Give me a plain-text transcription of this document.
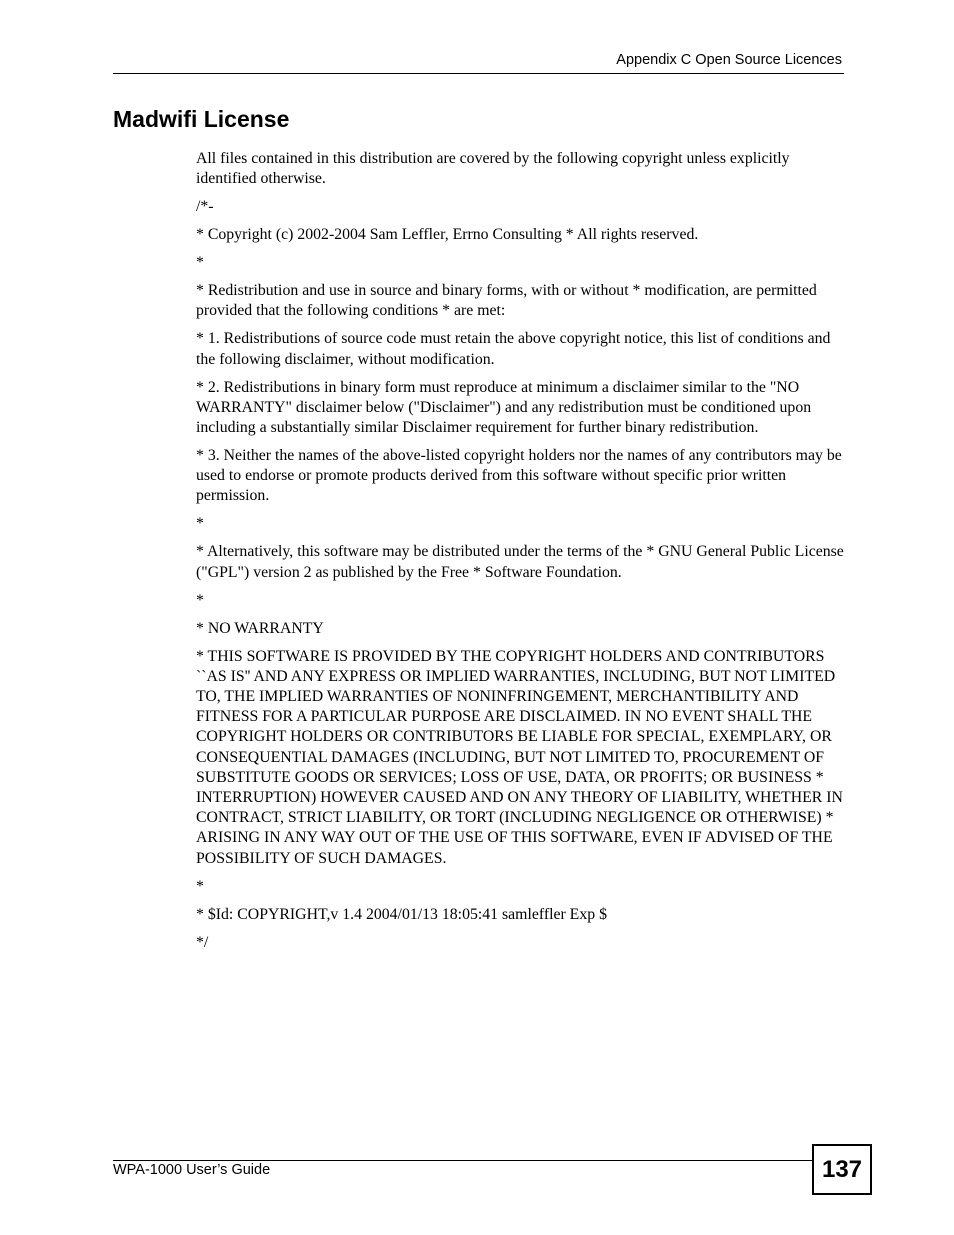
Appendix C Open Source Licences
Madwifi License

All files contained in this distribution are covered by the following copyright unless explicitly identified otherwise.

/*-

* Copyright (c) 2002-2004 Sam Leffler, Errno Consulting * All rights reserved.

*

* Redistribution and use in source and binary forms, with or without * modification, are permitted provided that the following conditions * are met:

* 1. Redistributions of source code must retain the above copyright notice, this list of conditions and the following disclaimer, without modification.

* 2. Redistributions in binary form must reproduce at minimum a disclaimer similar to the "NO WARRANTY" disclaimer below ("Disclaimer") and any redistribution must be conditioned upon including a substantially similar Disclaimer requirement for further binary redistribution.

* 3. Neither the names of the above-listed copyright holders nor the names of any contributors may be used to endorse or promote products derived from this software without specific prior written permission.

*

* Alternatively, this software may be distributed under the terms of the * GNU General Public License ("GPL") version 2 as published by the Free * Software Foundation.

*

* NO WARRANTY

* THIS SOFTWARE IS PROVIDED BY THE COPYRIGHT HOLDERS AND CONTRIBUTORS ``AS IS'' AND ANY EXPRESS OR IMPLIED WARRANTIES, INCLUDING, BUT NOT LIMITED TO, THE IMPLIED WARRANTIES OF NONINFRINGEMENT, MERCHANTIBILITY AND FITNESS FOR A PARTICULAR PURPOSE ARE DISCLAIMED. IN NO EVENT SHALL THE COPYRIGHT HOLDERS OR CONTRIBUTORS BE LIABLE FOR SPECIAL, EXEMPLARY, OR CONSEQUENTIAL DAMAGES (INCLUDING, BUT NOT LIMITED TO, PROCUREMENT OF SUBSTITUTE GOODS OR SERVICES; LOSS OF USE, DATA, OR PROFITS; OR BUSINESS * INTERRUPTION) HOWEVER CAUSED AND ON ANY THEORY OF LIABILITY, WHETHER IN CONTRACT, STRICT LIABILITY, OR TORT (INCLUDING NEGLIGENCE OR OTHERWISE) * ARISING IN ANY WAY OUT OF THE USE OF THIS SOFTWARE, EVEN IF ADVISED OF THE POSSIBILITY OF SUCH DAMAGES.

*

* $Id: COPYRIGHT,v 1.4 2004/01/13 18:05:41 samleffler Exp $

*/

WPA-1000 User’s Guide	137
